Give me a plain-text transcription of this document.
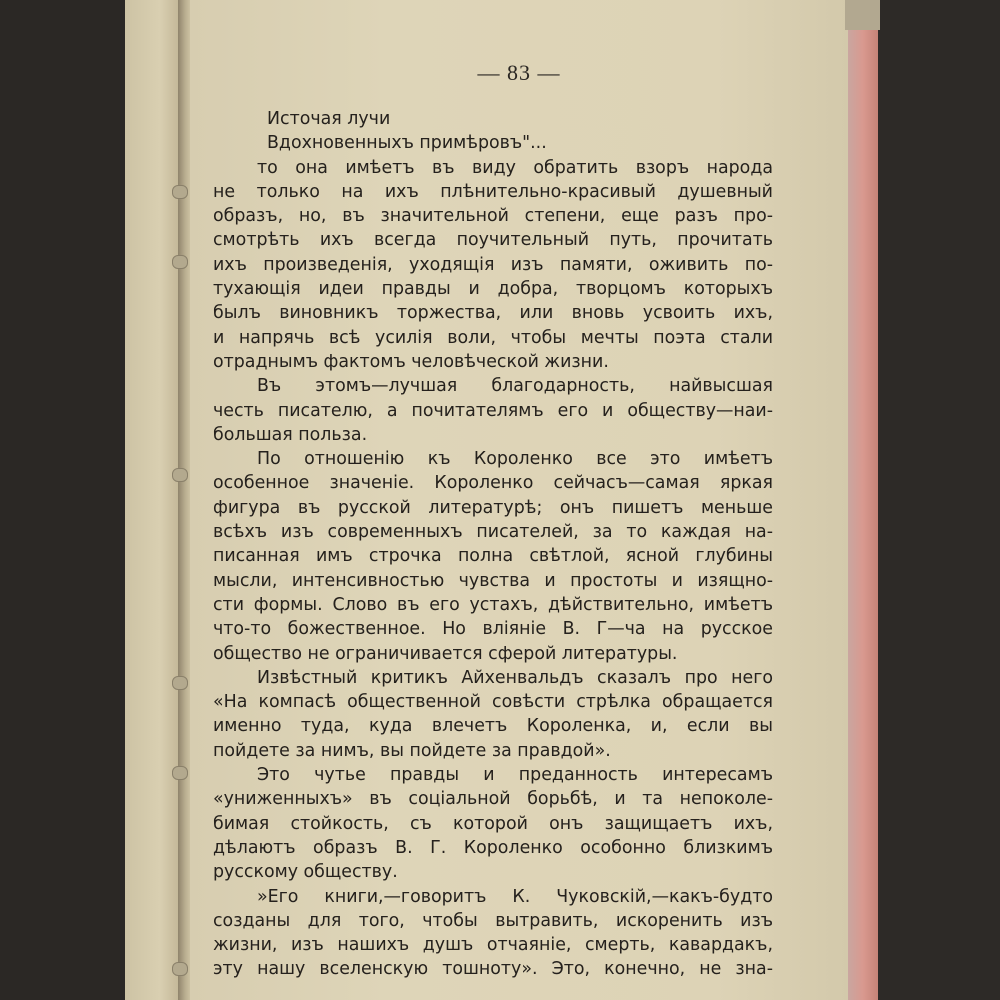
— 83 —
Источая лучи
Вдохновенныхъ примѣровъ"...
то она имѣетъ въ виду обратить взоръ народа
не только на ихъ плѣнительно-красивый душевный
образъ, но, въ значительной степени, еще разъ про-
смотрѣть ихъ всегда поучительный путь, прочитать
ихъ произведенія, уходящія изъ памяти, оживить по-
тухающія идеи правды и добра, творцомъ которыхъ
былъ виновникъ торжества, или вновь усвоить ихъ,
и напрячь всѣ усилія воли, чтобы мечты поэта стали
отраднымъ фактомъ человѣческой жизни.
Въ этомъ—лучшая благодарность, найвысшая
честь писателю, а почитателямъ его и обществу—наи-
большая польза.
По отношенію къ Короленко все это имѣетъ
особенное значеніе. Короленко сейчасъ—самая яркая
фигура въ русской литературѣ; онъ пишетъ меньше
всѣхъ изъ современныхъ писателей, за то каждая на-
писанная имъ строчка полна свѣтлой, ясной глубины
мысли, интенсивностью чувства и простоты и изящно-
сти формы. Слово въ его устахъ, дѣйствительно, имѣетъ
что-то божественное. Но вліяніе В. Г—ча на русское
общество не ограничивается сферой литературы.
Извѣстный критикъ Айхенвальдъ сказалъ про него
«На компасѣ общественной совѣсти стрѣлка обращается
именно туда, куда влечетъ Короленка, и, если вы
пойдете за нимъ, вы пойдете за правдой».
Это чутье правды и преданность интересамъ
«униженныхъ» въ соціальной борьбѣ, и та непоколе-
бимая стойкость, съ которой онъ защищаетъ ихъ,
дѣлаютъ образъ В. Г. Короленко особонно близкимъ
русскому обществу.
»Его книги,—говоритъ К. Чуковскій,—какъ-будто
созданы для того, чтобы вытравить, искоренить изъ
жизни, изъ нашихъ душъ отчаяніе, смерть, кавардакъ,
эту нашу вселенскую тошноту». Это, конечно, не зна-
